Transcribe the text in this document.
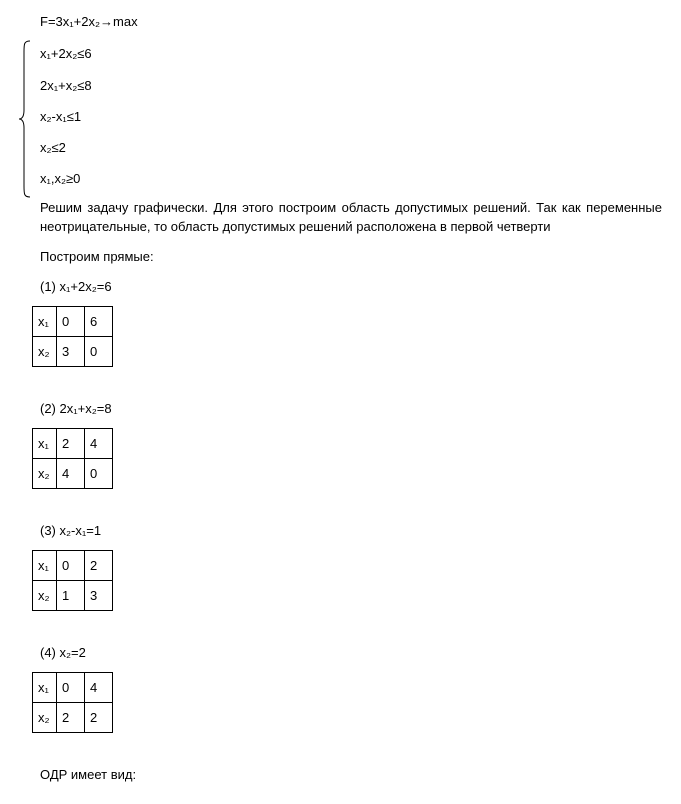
F=3x₁+2x₂→max
x₁+2x₂≤6
2x₁+x₂≤8
x₂-x₁≤1
x₂≤2
x₁,x₂≥0
Решим задачу графически. Для этого построим область допустимых решений. Так как переменные неотрицательные, то область допустимых решений расположена в первой четверти
Построим прямые:
(1) x₁+2x₂=6
x₁	0	6
x₂	3	0
(2) 2x₁+x₂=8
x₁	2	4
x₂	4	0
(3) x₂-x₁=1
x₁	0	2
x₂	1	3
(4) x₂=2
x₁	0	4
x₂	2	2
ОДР имеет вид:
